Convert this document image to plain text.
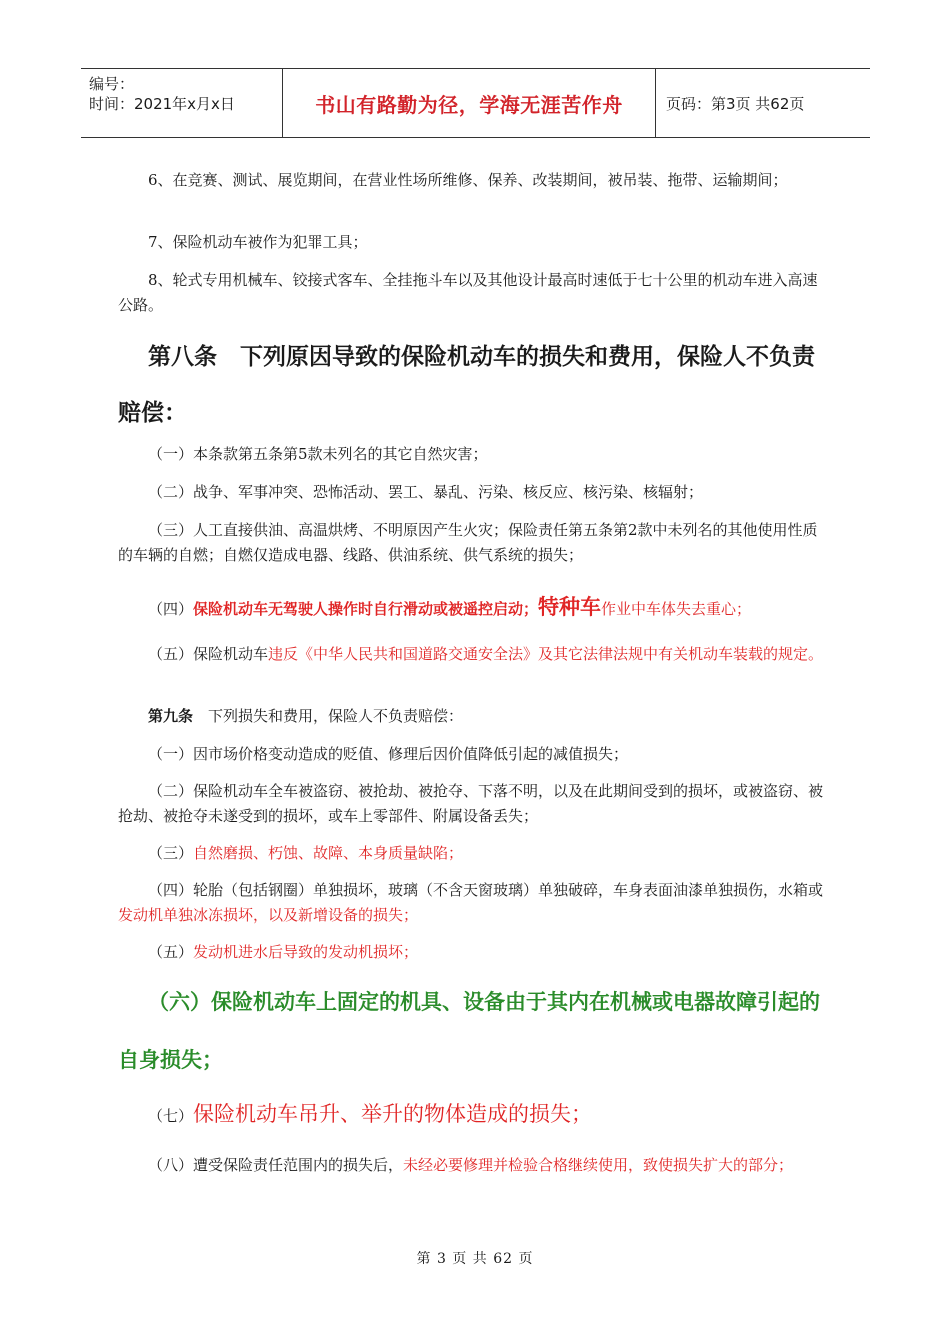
编号：
时间：2021年x月x日	书山有路勤为径，学海无涯苦作舟	页码：第3页 共62页

6、在竞赛、测试、展览期间，在营业性场所维修、保养、改装期间，被吊装、拖带、运输期间；

7、保险机动车被作为犯罪工具；

8、轮式专用机械车、铰接式客车、全挂拖斗车以及其他设计最高时速低于七十公里的机动车进入高速公路。

第八条　下列原因导致的保险机动车的损失和费用，保险人不负责赔偿：

（一）本条款第五条第5款未列名的其它自然灾害；

（二）战争、军事冲突、恐怖活动、罢工、暴乱、污染、核反应、核污染、核辐射；

（三）人工直接供油、高温烘烤、不明原因产生火灾；保险责任第五条第2款中未列名的其他使用性质的车辆的自燃；自燃仅造成电器、线路、供油系统、供气系统的损失；

（四）保险机动车无驾驶人操作时自行滑动或被遥控启动；特种车作业中车体失去重心；

（五）保险机动车违反《中华人民共和国道路交通安全法》及其它法律法规中有关机动车装载的规定。

第九条　下列损失和费用，保险人不负责赔偿：

（一）因市场价格变动造成的贬值、修理后因价值降低引起的减值损失；

（二）保险机动车全车被盗窃、被抢劫、被抢夺、下落不明，以及在此期间受到的损坏，或被盗窃、被抢劫、被抢夺未遂受到的损坏，或车上零部件、附属设备丢失；

（三）自然磨损、朽蚀、故障、本身质量缺陷；

（四）轮胎（包括钢圈）单独损坏，玻璃（不含天窗玻璃）单独破碎，车身表面油漆单独损伤，水箱或发动机单独冰冻损坏，以及新增设备的损失；

（五）发动机进水后导致的发动机损坏；

（六）保险机动车上固定的机具、设备由于其内在机械或电器故障引起的自身损失；

（七）保险机动车吊升、举升的物体造成的损失；

（八）遭受保险责任范围内的损失后，未经必要修理并检验合格继续使用，致使损失扩大的部分；

第 3 页 共 62 页
